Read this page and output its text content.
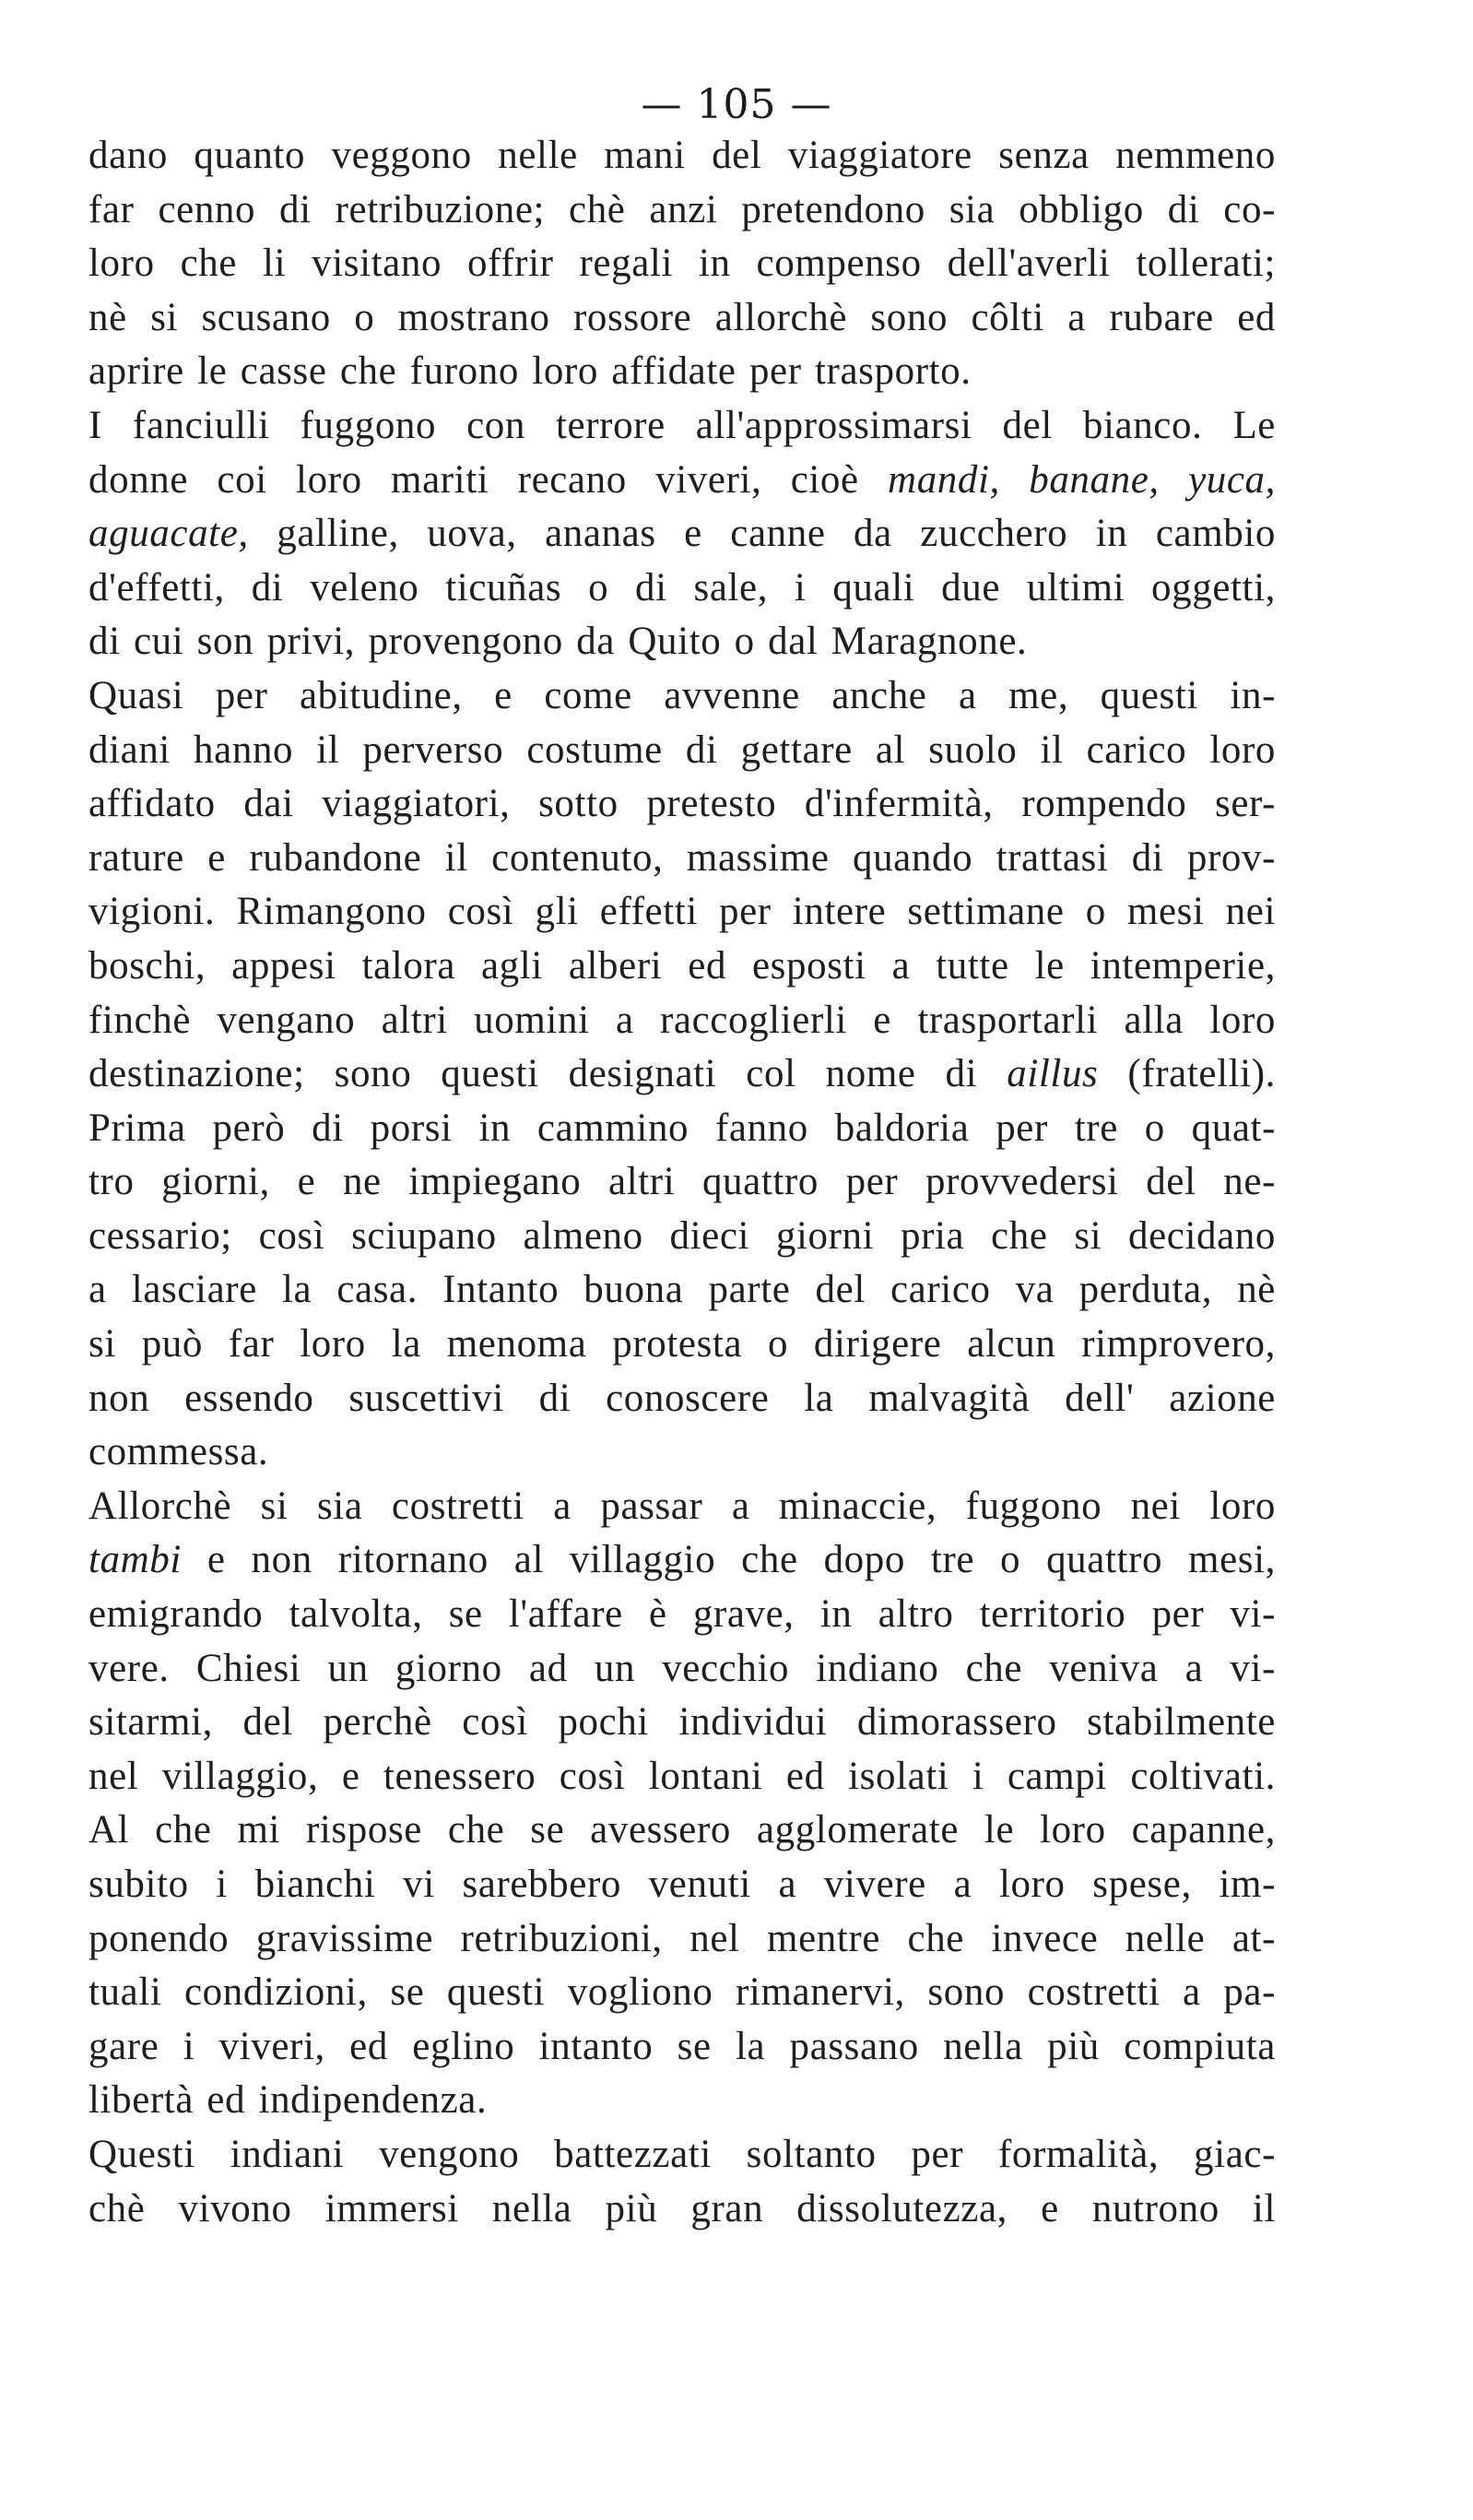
— 105 —
dano quanto veggono nelle mani del viaggiatore senza nemmeno
far cenno di retribuzione; chè anzi pretendono sia obbligo di co-
loro che li visitano offrir regali in compenso dell'averli tollerati;
nè si scusano o mostrano rossore allorchè sono côlti a rubare ed
aprire le casse che furono loro affidate per trasporto.
I fanciulli fuggono con terrore all'approssimarsi del bianco. Le
donne coi loro mariti recano viveri, cioè mandi, banane, yuca,
aguacate, galline, uova, ananas e canne da zucchero in cambio
d'effetti, di veleno ticuñas o di sale, i quali due ultimi oggetti,
di cui son privi, provengono da Quito o dal Maragnone.
Quasi per abitudine, e come avvenne anche a me, questi in-
diani hanno il perverso costume di gettare al suolo il carico loro
affidato dai viaggiatori, sotto pretesto d'infermità, rompendo ser-
rature e rubandone il contenuto, massime quando trattasi di prov-
vigioni. Rimangono così gli effetti per intere settimane o mesi nei
boschi, appesi talora agli alberi ed esposti a tutte le intemperie,
finchè vengano altri uomini a raccoglierli e trasportarli alla loro
destinazione; sono questi designati col nome di aillus (fratelli).
Prima però di porsi in cammino fanno baldoria per tre o quat-
tro giorni, e ne impiegano altri quattro per provvedersi del ne-
cessario; così sciupano almeno dieci giorni pria che si decidano
a lasciare la casa. Intanto buona parte del carico va perduta, nè
si può far loro la menoma protesta o dirigere alcun rimprovero,
non essendo suscettivi di conoscere la malvagità dell' azione
commessa.
Allorchè si sia costretti a passar a minaccie, fuggono nei loro
tambi e non ritornano al villaggio che dopo tre o quattro mesi,
emigrando talvolta, se l'affare è grave, in altro territorio per vi-
vere. Chiesi un giorno ad un vecchio indiano che veniva a vi-
sitarmi, del perchè così pochi individui dimorassero stabilmente
nel villaggio, e tenessero così lontani ed isolati i campi coltivati.
Al che mi rispose che se avessero agglomerate le loro capanne,
subito i bianchi vi sarebbero venuti a vivere a loro spese, im-
ponendo gravissime retribuzioni, nel mentre che invece nelle at-
tuali condizioni, se questi vogliono rimanervi, sono costretti a pa-
gare i viveri, ed eglino intanto se la passano nella più compiuta
libertà ed indipendenza.
Questi indiani vengono battezzati soltanto per formalità, giac-
chè vivono immersi nella più gran dissolutezza, e nutrono il
